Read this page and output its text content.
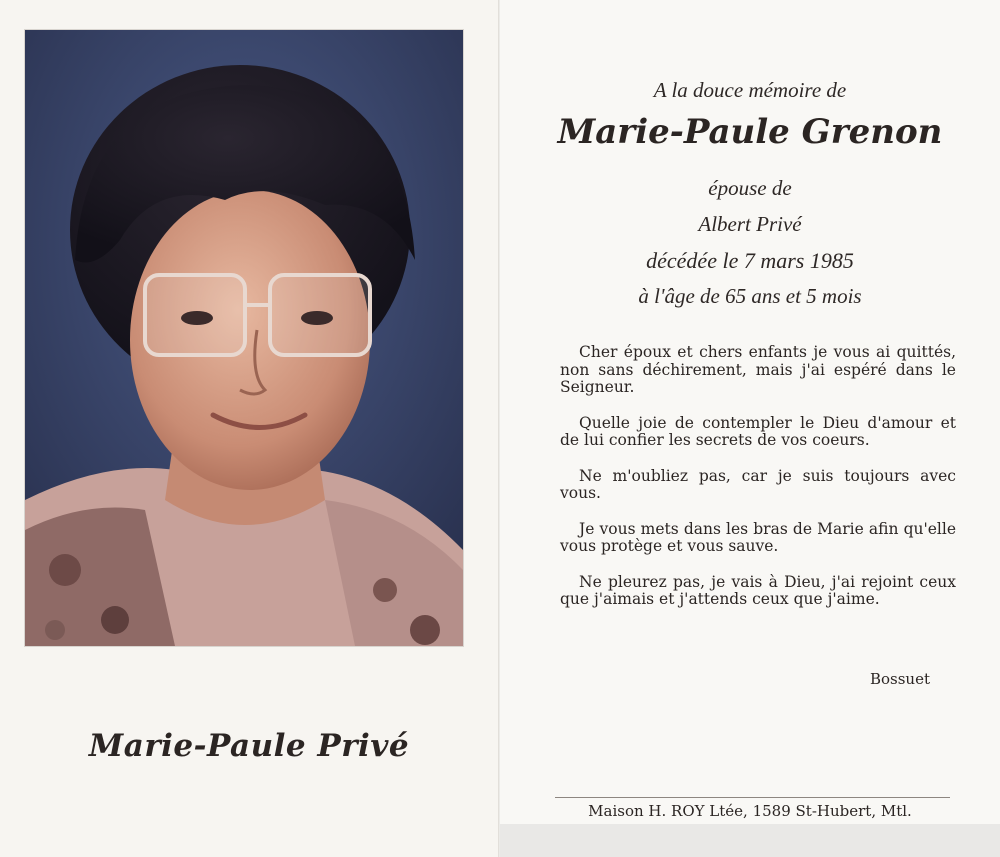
Marie-Paule Privé
A la douce mémoire de
Marie-Paule Grenon
épouse de
Albert Privé
décédée le 7 mars 1985
à l'âge de 65 ans et 5 mois

Cher époux et chers enfants je vous ai quittés, non sans déchirement, mais j'ai espéré dans le Seigneur.

Quelle joie de contempler le Dieu d'amour et de lui confier les secrets de vos coeurs.

Ne m'oubliez pas, car je suis toujours avec vous.

Je vous mets dans les bras de Marie afin qu'elle vous protège et vous sauve.

Ne pleurez pas, je vais à Dieu, j'ai rejoint ceux que j'aimais et j'attends ceux que j'aime.

Bossuet
Maison H. ROY Ltée, 1589 St-Hubert, Mtl.
